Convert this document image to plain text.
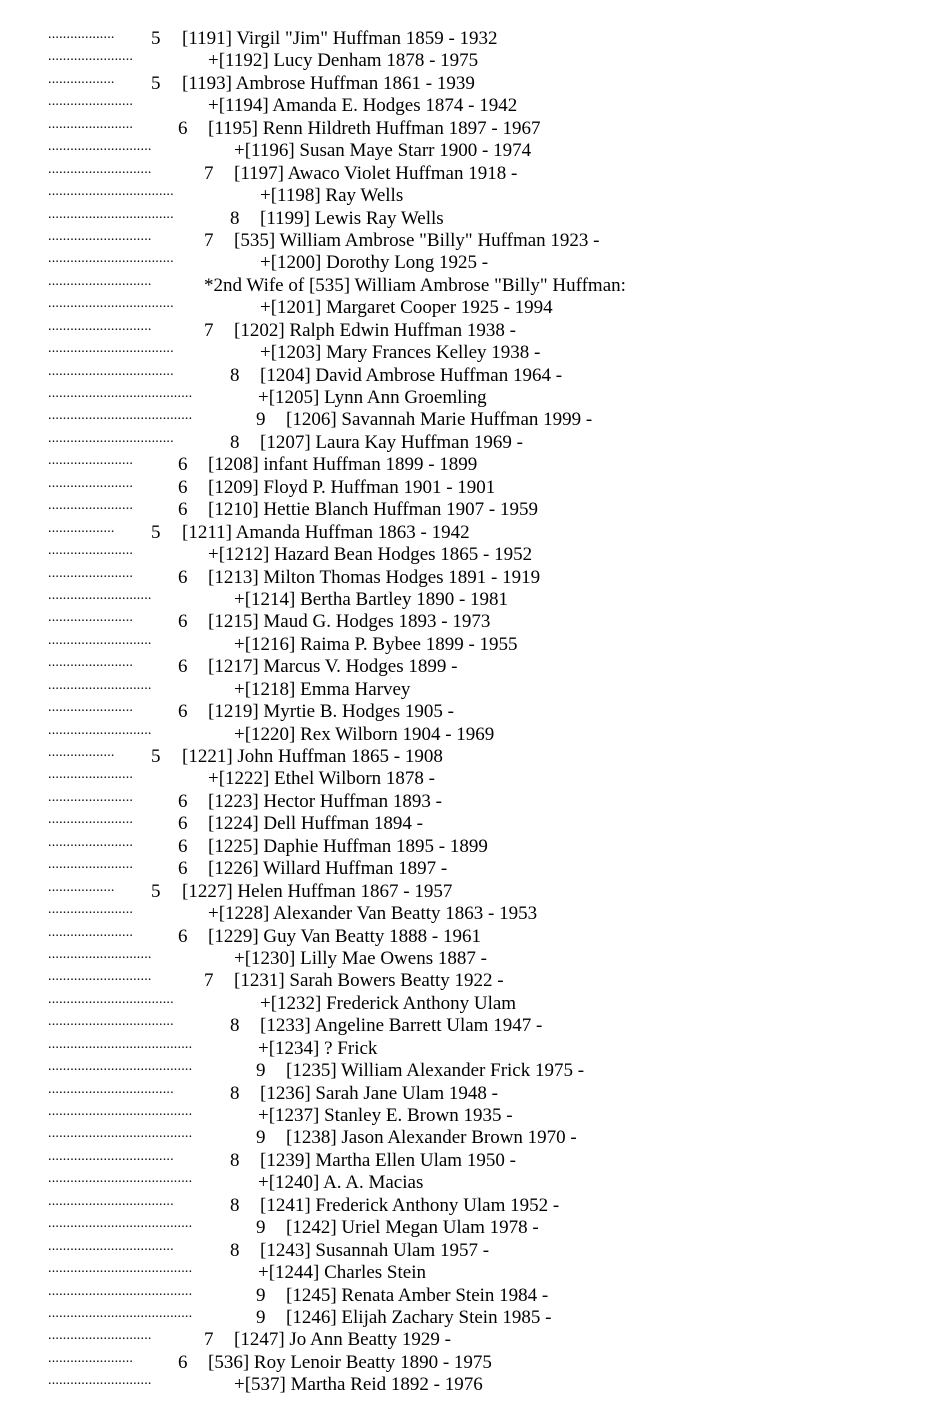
.................. 5 [1191] Virgil "Jim" Huffman 1859 - 1932
.......................	+[1192] Lucy Denham 1878 - 1975
.................. 5 [1193] Ambrose Huffman 1861 - 1939
.......................	+[1194] Amanda E. Hodges 1874 - 1942
....................... 6 [1195] Renn Hildreth Huffman 1897 - 1967
............................	+[1196] Susan Maye Starr 1900 - 1974
............................	7 [1197] Awaco Violet Huffman 1918 -
..................................	+[1198] Ray Wells
..................................	8 [1199] Lewis Ray Wells
............................	7 [535] William Ambrose "Billy" Huffman 1923 -
..................................	+[1200] Dorothy Long 1925 -
............................	*2nd Wife of [535] William Ambrose "Billy" Huffman:
..................................	+[1201] Margaret Cooper 1925 - 1994
............................	7 [1202] Ralph Edwin Huffman 1938 -
..................................	+[1203] Mary Frances Kelley 1938 -
..................................	8 [1204] David Ambrose Huffman 1964 -
.......................................	+[1205] Lynn Ann Groemling
.......................................	9 [1206] Savannah Marie Huffman 1999 -
..................................	8 [1207] Laura Kay Huffman 1969 -
....................... 6 [1208] infant Huffman 1899 - 1899
....................... 6 [1209] Floyd P. Huffman 1901 - 1901
....................... 6 [1210] Hettie Blanch Huffman 1907 - 1959
.................. 5 [1211] Amanda Huffman 1863 - 1942
.......................	+[1212] Hazard Bean Hodges 1865 - 1952
....................... 6 [1213] Milton Thomas Hodges 1891 - 1919
............................	+[1214] Bertha Bartley 1890 - 1981
....................... 6 [1215] Maud G. Hodges 1893 - 1973
............................	+[1216] Raima P. Bybee 1899 - 1955
....................... 6 [1217] Marcus V. Hodges 1899 -
............................	+[1218] Emma Harvey
....................... 6 [1219] Myrtie B. Hodges 1905 -
............................	+[1220] Rex Wilborn 1904 - 1969
.................. 5 [1221] John Huffman 1865 - 1908
.......................	+[1222] Ethel Wilborn 1878 -
....................... 6 [1223] Hector Huffman 1893 -
....................... 6 [1224] Dell Huffman 1894 -
....................... 6 [1225] Daphie Huffman 1895 - 1899
....................... 6 [1226] Willard Huffman 1897 -
.................. 5 [1227] Helen Huffman 1867 - 1957
.......................	+[1228] Alexander Van Beatty 1863 - 1953
....................... 6 [1229] Guy Van Beatty 1888 - 1961
............................	+[1230] Lilly Mae Owens 1887 -
............................	7 [1231] Sarah Bowers Beatty 1922 -
..................................	+[1232] Frederick Anthony Ulam
..................................	8 [1233] Angeline Barrett Ulam 1947 -
.......................................	+[1234] ? Frick
.......................................	9 [1235] William Alexander Frick 1975 -
..................................	8 [1236] Sarah Jane Ulam 1948 -
.......................................	+[1237] Stanley E. Brown 1935 -
.......................................	9 [1238] Jason Alexander Brown 1970 -
..................................	8 [1239] Martha Ellen Ulam 1950 -
.......................................	+[1240] A. A. Macias
..................................	8 [1241] Frederick Anthony Ulam 1952 -
.......................................	9 [1242] Uriel Megan Ulam 1978 -
..................................	8 [1243] Susannah Ulam 1957 -
.......................................	+[1244] Charles Stein
.......................................	9 [1245] Renata Amber Stein 1984 -
.......................................	9 [1246] Elijah Zachary Stein 1985 -
............................	7 [1247] Jo Ann Beatty 1929 -
....................... 6 [536] Roy Lenoir Beatty 1890 - 1975
............................	+[537] Martha Reid 1892 - 1976
